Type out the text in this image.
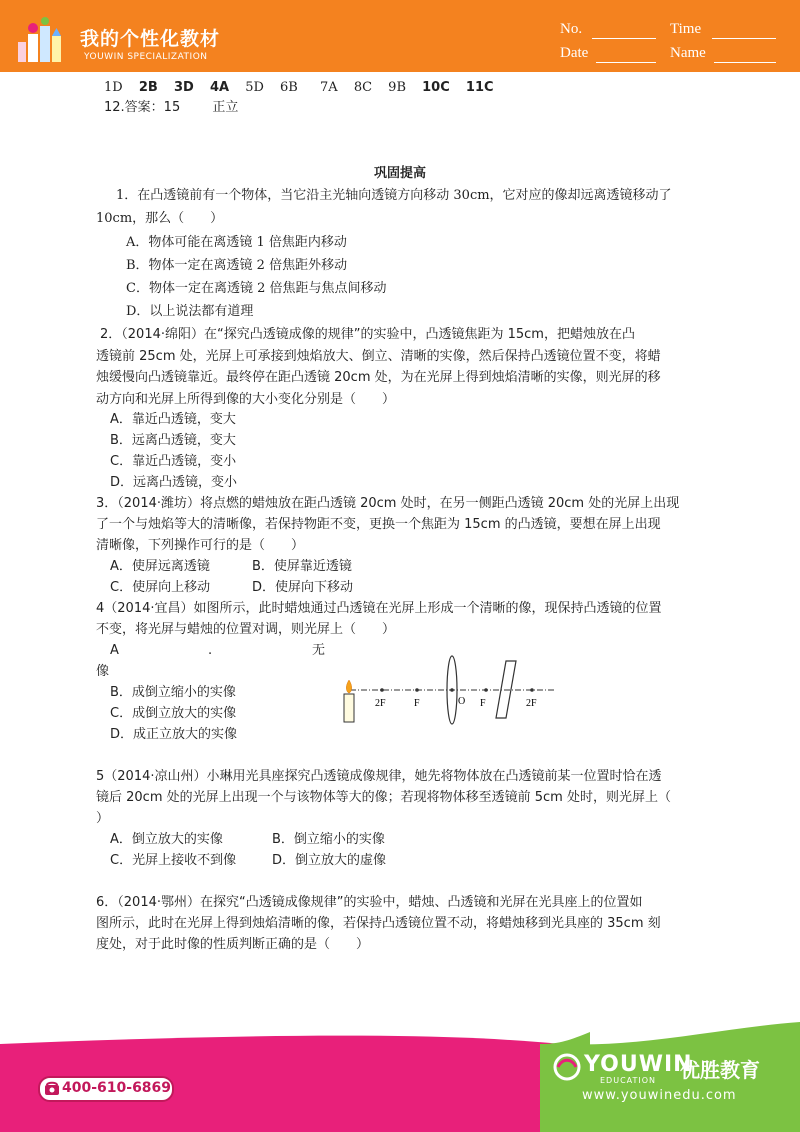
我的个性化教材
YOUWIN SPECIALIZATION
No.	Time
Date	Name
1D 2B 3D 4A 5D 6B 7A 8C 9B 10C 11C
12.答案：15 正立
巩固提高
1．在凸透镜前有一个物体，当它沿主光轴向透镜方向移动 30cm，它对应的像却远离透镜移动了
10cm，那么（　　）
A．物体可能在离透镜 1 倍焦距内移动
B．物体一定在离透镜 2 倍焦距外移动
C．物体一定在离透镜 2 倍焦距与焦点间移动
D．以上说法都有道理
2．（2014·绵阳）在“探究凸透镜成像的规律”的实验中，凸透镜焦距为 15cm，把蜡烛放在凸
透镜前 25cm 处，光屏上可承接到烛焰放大、倒立、清晰的实像，然后保持凸透镜位置不变，将蜡
烛缓慢向凸透镜靠近。最终停在距凸透镜 20cm 处，为在光屏上得到烛焰清晰的实像，则光屏的移
动方向和光屏上所得到像的大小变化分别是（　　）
A．靠近凸透镜，变大
B．远离凸透镜，变大
C．靠近凸透镜，变小
D．远离凸透镜，变小
3．（2014·潍坊）将点燃的蜡烛放在距凸透镜 20cm 处时，在另一侧距凸透镜 20cm 处的光屏上出现
了一个与烛焰等大的清晰像，若保持物距不变，更换一个焦距为 15cm 的凸透镜，要想在屏上出现
清晰像，下列操作可行的是（　　）
A．使屏远离透镜	B．使屏靠近透镜
C．使屏向上移动	D．使屏向下移动
4（2014·宜昌）如图所示，此时蜡烛通过凸透镜在光屏上形成一个清晰的像，现保持凸透镜的位置
不变，将光屏与蜡烛的位置对调，则光屏上（　　）
A	.	无
像
B．成倒立缩小的实像
C．成倒立放大的实像
D．成正立放大的实像
2F	F	O F	2F
5（2014·凉山州）小琳用光具座探究凸透镜成像规律，她先将物体放在凸透镜前某一位置时恰在透
镜后 20cm 处的光屏上出现一个与该物体等大的像；若现将物体移至透镜前 5cm 处时，则光屏上（
）
A．倒立放大的实像	B．倒立缩小的实像
C．光屏上接收不到像	D．倒立放大的虚像
6．（2014·鄂州）在探究“凸透镜成像规律”的实验中，蜡烛、凸透镜和光屏在光具座上的位置如
图所示，此时在光屏上得到烛焰清晰的像，若保持凸透镜位置不动，将蜡烛移到光具座的 35cm 刻
度处，对于此时像的性质判断正确的是（　　）
400-610-6869
YOUWIN
EDUCATION 优胜教育
www.youwinedu.com
